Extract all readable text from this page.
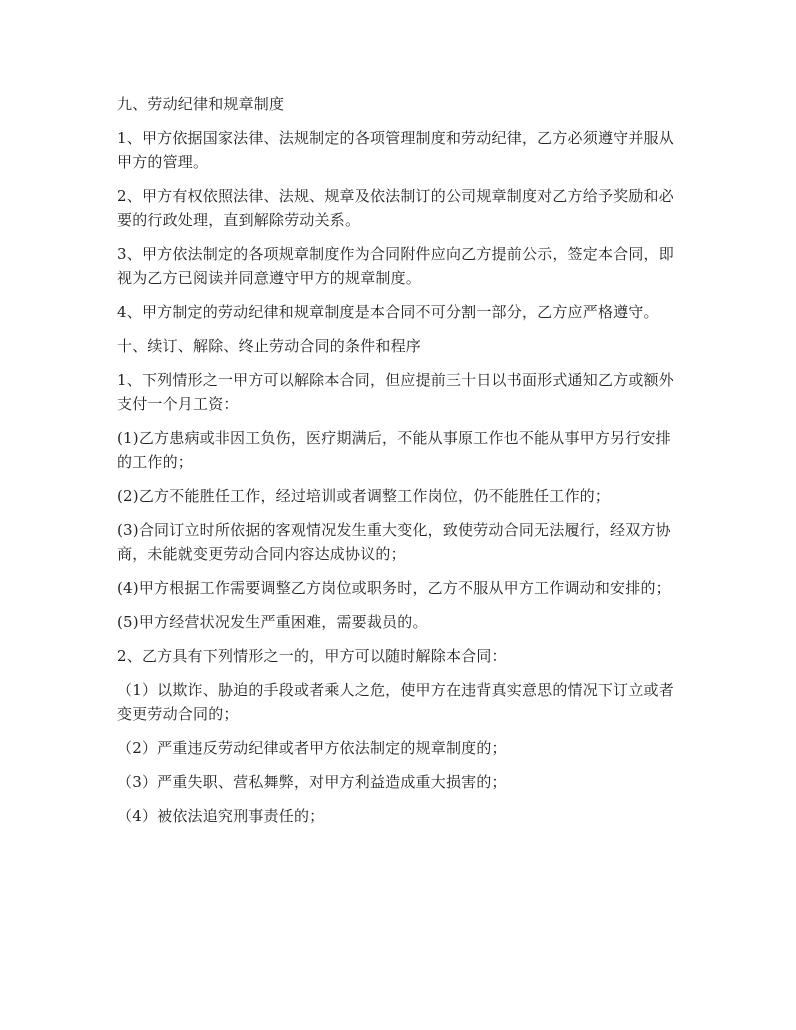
九、劳动纪律和规章制度

1、甲方依据国家法律、法规制定的各项管理制度和劳动纪律，乙方必须遵守并服从甲方的管理。

2、甲方有权依照法律、法规、规章及依法制订的公司规章制度对乙方给予奖励和必要的行政处理，直到解除劳动关系。

3、甲方依法制定的各项规章制度作为合同附件应向乙方提前公示，签定本合同，即视为乙方已阅读并同意遵守甲方的规章制度。

4、甲方制定的劳动纪律和规章制度是本合同不可分割一部分，乙方应严格遵守。

十、续订、解除、终止劳动合同的条件和程序

1、下列情形之一甲方可以解除本合同，但应提前三十日以书面形式通知乙方或额外支付一个月工资：

(1)乙方患病或非因工负伤，医疗期满后，不能从事原工作也不能从事甲方另行安排的工作的；

(2)乙方不能胜任工作，经过培训或者调整工作岗位，仍不能胜任工作的；

(3)合同订立时所依据的客观情况发生重大变化，致使劳动合同无法履行，经双方协商，未能就变更劳动合同内容达成协议的；

(4)甲方根据工作需要调整乙方岗位或职务时，乙方不服从甲方工作调动和安排的；

(5)甲方经营状况发生严重困难，需要裁员的。

2、乙方具有下列情形之一的，甲方可以随时解除本合同：

（1）以欺诈、胁迫的手段或者乘人之危，使甲方在违背真实意思的情况下订立或者变更劳动合同的；

（2）严重违反劳动纪律或者甲方依法制定的规章制度的；

（3）严重失职、营私舞弊，对甲方利益造成重大损害的；

（4）被依法追究刑事责任的；
